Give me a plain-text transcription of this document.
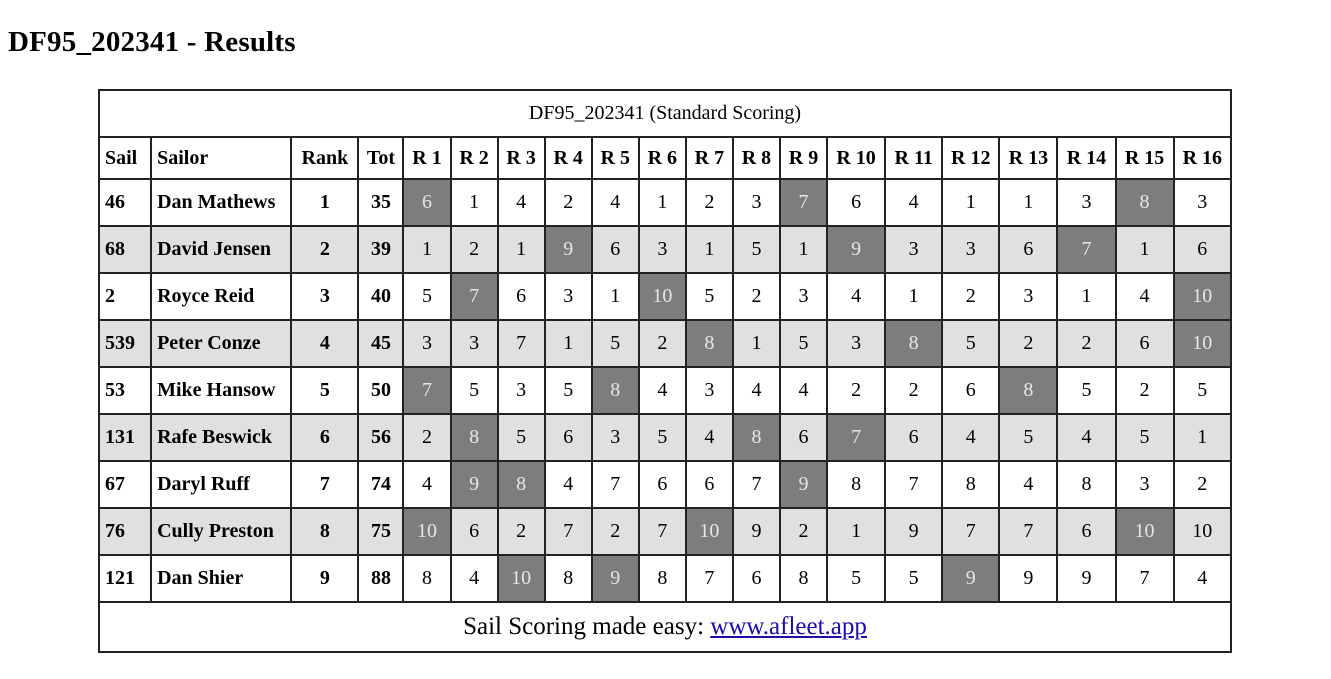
DF95_202341 - Results
DF95_202341 (Standard Scoring)																			
Sail	Sailor	Rank	Tot	R 1	R 2	R 3	R 4	R 5	R 6	R 7	R 8	R 9	R 10	R 11	R 12	R 13	R 14	R 15	R 16
46	Dan Mathews	1	35	6	1	4	2	4	1	2	3	7	6	4	1	1	3	8	3
68	David Jensen	2	39	1	2	1	9	6	3	1	5	1	9	3	3	6	7	1	6
2	Royce Reid	3	40	5	7	6	3	1	10	5	2	3	4	1	2	3	1	4	10
539	Peter Conze	4	45	3	3	7	1	5	2	8	1	5	3	8	5	2	2	6	10
53	Mike Hansow	5	50	7	5	3	5	8	4	3	4	4	2	2	6	8	5	2	5
131	Rafe Beswick	6	56	2	8	5	6	3	5	4	8	6	7	6	4	5	4	5	1
67	Daryl Ruff	7	74	4	9	8	4	7	6	6	7	9	8	7	8	4	8	3	2
76	Cully Preston	8	75	10	6	2	7	2	7	10	9	2	1	9	7	7	6	10	10
121	Dan Shier	9	88	8	4	10	8	9	8	7	6	8	5	5	9	9	9	7	4
Sail Scoring made easy: www.afleet.app																			
